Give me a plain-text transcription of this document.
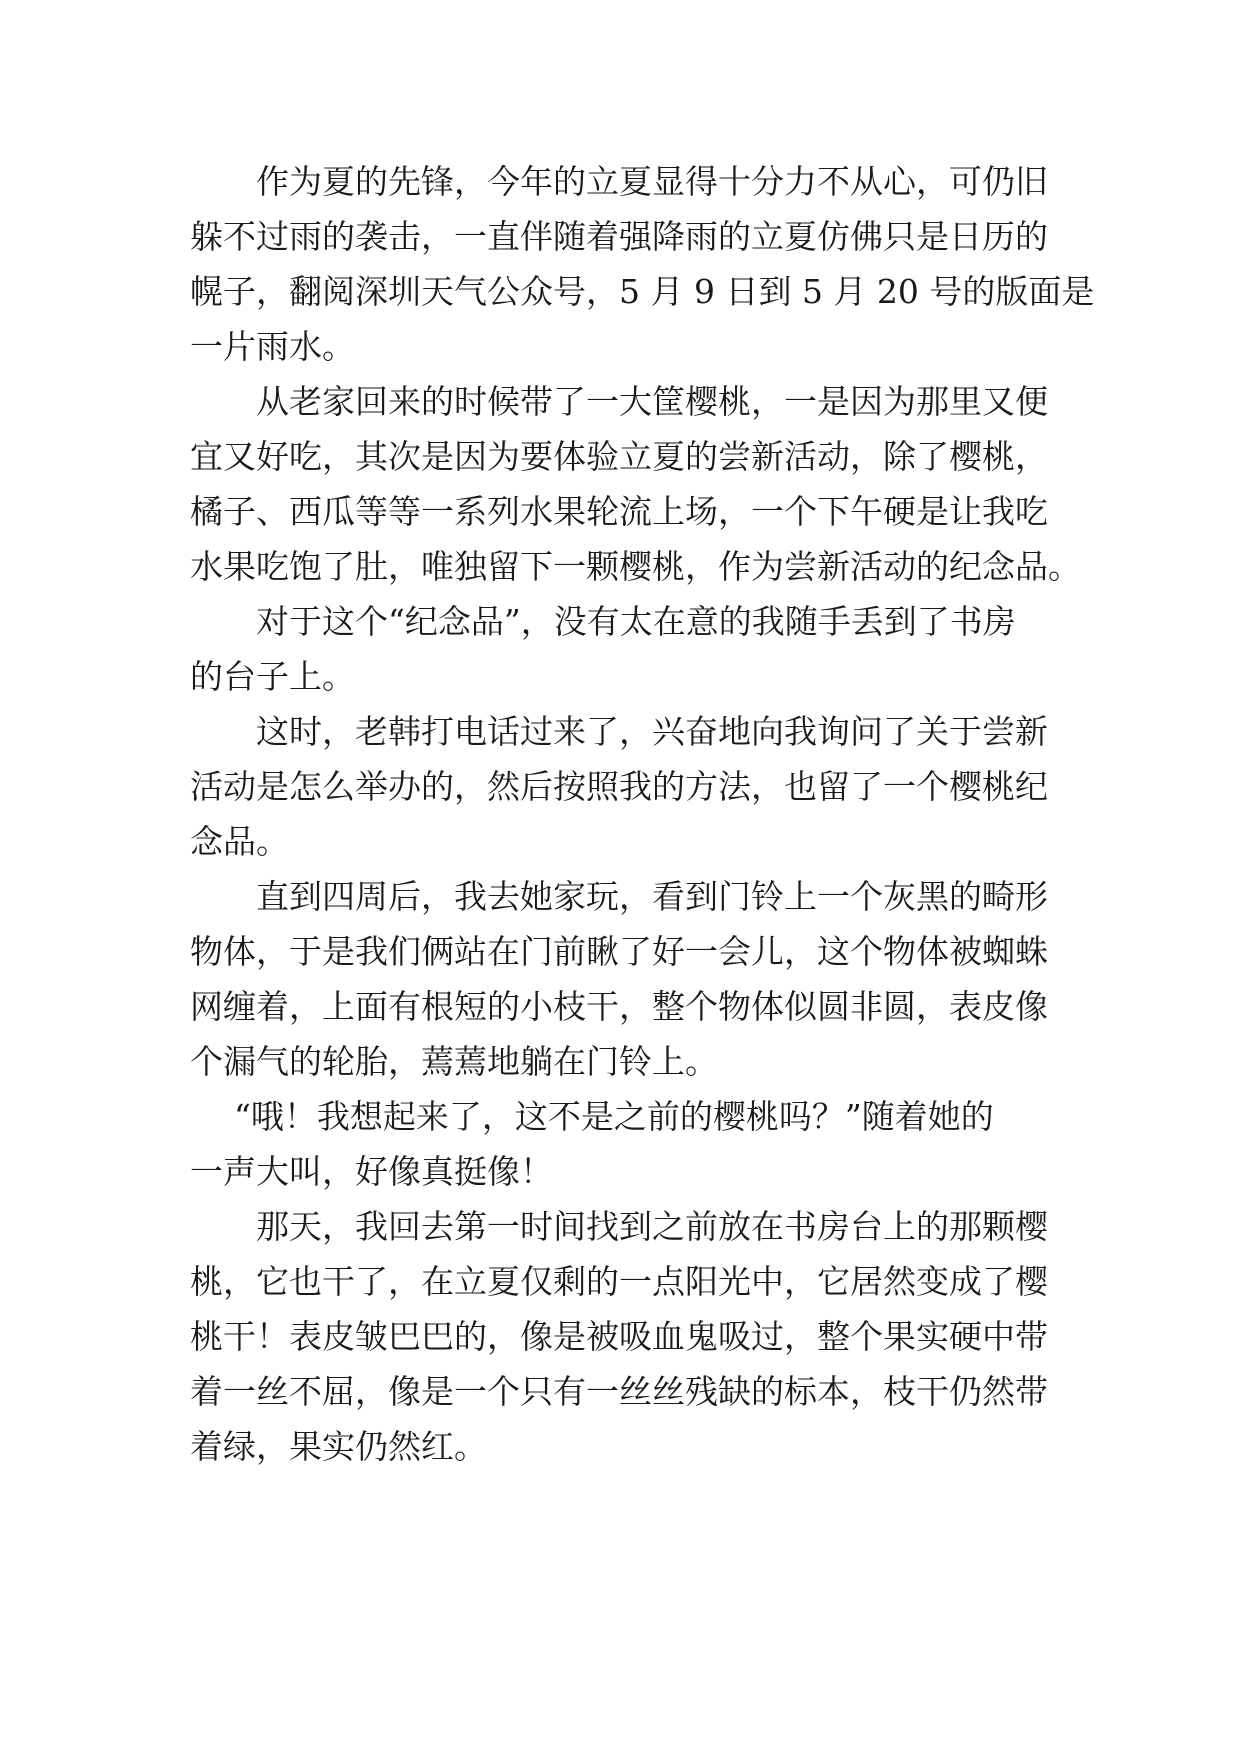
作为夏的先锋，今年的立夏显得十分力不从心，可仍旧
躲不过雨的袭击，一直伴随着强降雨的立夏仿佛只是日历的
幌子，翻阅深圳天气公众号，5 月 9 日到 5 月 20 号的版面是
一片雨水。
从老家回来的时候带了一大筐樱桃，一是因为那里又便
宜又好吃，其次是因为要体验立夏的尝新活动，除了樱桃，
橘子、西瓜等等一系列水果轮流上场，一个下午硬是让我吃
水果吃饱了肚，唯独留下一颗樱桃，作为尝新活动的纪念品。
对于这个“纪念品”，没有太在意的我随手丢到了书房
的台子上。
这时，老韩打电话过来了，兴奋地向我询问了关于尝新
活动是怎么举办的，然后按照我的方法，也留了一个樱桃纪
念品。
直到四周后，我去她家玩，看到门铃上一个灰黑的畸形
物体，于是我们俩站在门前瞅了好一会儿，这个物体被蜘蛛
网缠着，上面有根短的小枝干，整个物体似圆非圆，表皮像
个漏气的轮胎，蔫蔫地躺在门铃上。
“哦！我想起来了，这不是之前的樱桃吗？”随着她的
一声大叫，好像真挺像！
那天，我回去第一时间找到之前放在书房台上的那颗樱
桃，它也干了，在立夏仅剩的一点阳光中，它居然变成了樱
桃干！表皮皱巴巴的，像是被吸血鬼吸过，整个果实硬中带
着一丝不屈，像是一个只有一丝丝残缺的标本，枝干仍然带
着绿，果实仍然红。
